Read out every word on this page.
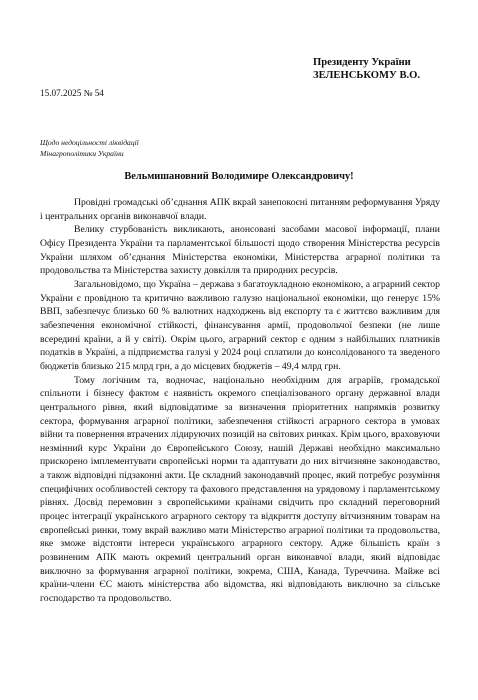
Президенту України
ЗЕЛЕНСЬКОМУ В.О.
15.07.2025 № 54
Щодо недоцільності ліквідації
Мінагрополітики України
Вельмишановний Володимире Олександровичу!

Провідні громадські об’єднання АПК вкрай занепокоєні питанням реформування Уряду і центральних органів виконавчої влади.

Велику стурбованість викликають, анонсовані засобами масової інформації, плани Офісу Президента України та парламентської більшості щодо створення Міністерства ресурсів України шляхом об’єднання Міністерства економіки, Міністерства аграрної політики та продовольства та Міністерства захисту довкілля та природних ресурсів.

Загальновідомо, що Україна – держава з багатоукладною економікою, а аграрний сектор України є провідною та критично важливою галузю національної економіки, що генерує 15% ВВП, забезпечує близько 60 % валютних надходжень від експорту та є життєво важливим для забезпечення економічної стійкості, фінансування армії, продовольчої безпеки (не лише всередині країни, а й у світі). Окрім цього, аграрний сектор є одним з найбільших платників податків в Україні, а підприємства галузі у 2024 році сплатили до консолідованого та зведеного бюджетів близько 215 млрд грн, а до місцевих бюджетів – 49,4 млрд грн.

Тому логічним та, водночас, національно необхідним для аграріїв, громадської спільноти і бізнесу фактом є наявність окремого спеціалізованого органу державної влади центрального рівня, який відповідатиме за визначення пріоритетних напрямків розвитку сектора, формування аграрної політики, забезпечення стійкості аграрного сектора в умовах війни та повернення втрачених лідируючих позицій на світових ринках. Крім цього, враховуючи незмінний курс України до Європейського Союзу, нашій Державі необхідно максимально прискорено імплементувати європейські норми та адаптувати до них вітчизняне законодавство, а також відповідні підзаконні акти. Це складний законодавчий процес, який потребує розуміння специфічних особливостей сектору та фахового представлення на урядовому і парламентському рівнях. Досвід перемовин з європейськими країнами свідчить про складний переговорний процес інтеграції українського аграрного сектору та відкриття доступу вітчизняним товарам на європейські ринки, тому вкрай важливо мати Міністерство аграрної політики та продовольства, яке зможе відстояти інтереси українського аграрного сектору. Адже більшість країн з розвиненим АПК мають окремий центральний орган виконавчої влади, який відповідає виключно за формування аграрної політики, зокрема, США, Канада, Туреччина. Майже всі країни-члени ЄС мають міністерства або відомства, які відповідають виключно за сільське господарство та продовольство.
